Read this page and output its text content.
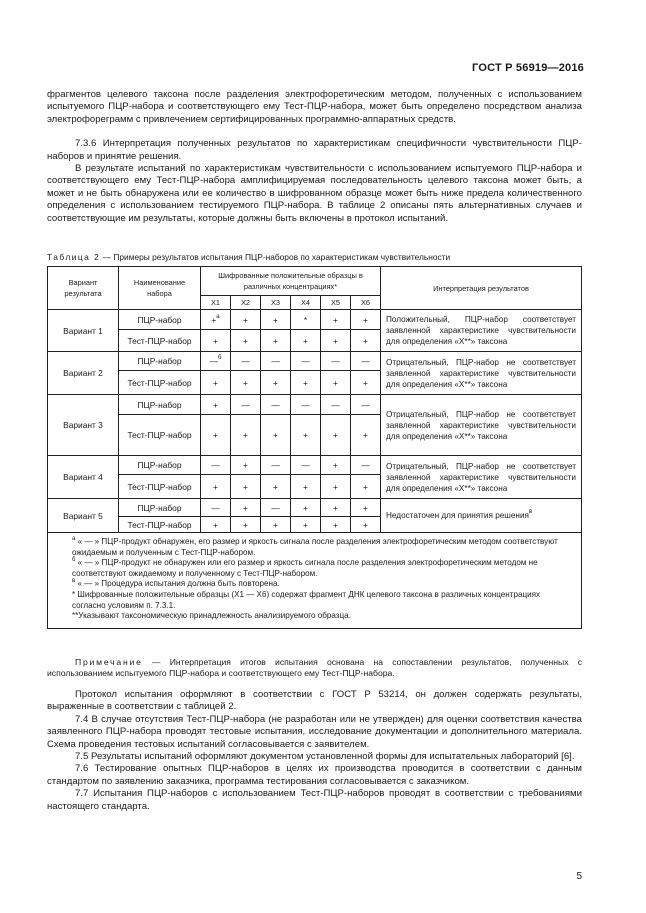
ГОСТ Р 56919—2016

фрагментов целевого таксона после разделения электрофоретическим методом, полученных с использованием испытуемого ПЦР-набора и соответствующего ему Тест-ПЦР-набора, может быть определено посредством анализа электрофореграмм с привлечением сертифицированных программно-аппаратных средств.

7.3.6 Интерпретация полученных результатов по характеристикам специфичности чувствительности ПЦР-наборов и принятие решения.

В результате испытаний по характеристикам чувствительности с использованием испытуемого ПЦР-набора и соответствующего ему Тест-ПЦР-набора амплифицируемая последовательность целевого таксона может быть, а может и не быть обнаружена или ее количество в шифрованном образце может быть ниже предела количественного определения с использованием тестируемого ПЦР-набора. В таблице 2 описаны пять альтернативных случаев и соответствующие им результаты, которые должны быть включены в протокол испытаний.

Таблица 2 — Примеры результатов испытания ПЦР-наборов по характеристикам чувствительности
Вариант результата	Наименование набора	Шифрованные положительные образцы в различных концентрациях*						Интерпретация результатов
		Х1	Х2	Х3	Х4	Х5	Х6	
Вариант 1	ПЦР-набор	+$^а$	+	+	*	+	+	Положительный, ПЦР-набор соответствует заявленной характеристике чувствительности для определения «Х**» таксона
	Тест-ПЦР-набор	+	+	+	+	+	+	
Вариант 2	ПЦР-набор	—$^б$	—	—	—	—	—	Отрицательный, ПЦР-набор не соответствует заявленной характеристике чувствительности для определения «Х**» таксона
	Тест-ПЦР-набор	+	+	+	+	+	+	
Вариант 3	ПЦР-набор	+	—	—	—	—	—	Отрицательный, ПЦР-набор не соответствует заявленной характеристике чувствительности для определения «Х**» таксона
	Тест-ПЦР-набор	+	+	+	+	+	+	
Вариант 4	ПЦР-набор	—	+	—	—	+	—	Отрицательный, ПЦР-набор не соответствует заявленной характеристике чувствительности для определения «Х**» таксона
	Тест-ПЦР-набор	+	+	+	+	+	+	
Вариант 5	ПЦР-набор	—	+	—	+	+	+	Недостаточен для принятия решения$^в$
	Тест-ПЦР-набор	+	+	+	+	+	+	

$^а$ « — » ПЦР-продукт обнаружен, его размер и яркость сигнала после разделения электрофоретическим методом соответствуют ожидаемым и полученным с Тест-ПЦР-набором.

$^б$ « — » ПЦР-продукт не обнаружен или его размер и яркость сигнала после разделения электрофоретическим методом не соответствуют ожидаемому и полученному с Тест-ПЦР-набором.

$^в$ « — » Процедура испытания должна быть повторена.

* Шифрованные положительные образцы (Х1 — Х6) содержат фрагмент ДНК целевого таксона в различных концентрациях согласно условиям п. 7.3.1.

**Указывают таксономическую принадлежность анализируемого образца.								

Примечание — Интерпретация итогов испытания основана на сопоставлении результатов, полученных с использованием испытуемого ПЦР-набора и соответствующего ему Тест-ПЦР-набора.

Протокол испытания оформляют в соответствии с ГОСТ Р 53214, он должен содержать результаты, выраженные в соответствии с таблицей 2.

7.4 В случае отсутствия Тест-ПЦР-набора (не разработан или не утвержден) для оценки соответствия качества заявленного ПЦР-набора проводят тестовые испытания, исследование документации и дополнительного материала. Схема проведения тестовых испытаний согласовывается с заявителем.

7.5 Результаты испытаний оформляют документом установленной формы для испытательных лабораторий [6].

7.6 Тестирование опытных ПЦР-наборов в целях их производства проводится в соответствии с данным стандартом по заявлению заказчика, программа тестирования согласовывается с заказчиком.

7.7 Испытания ПЦР-наборов с использованием Тест-ПЦР-наборов проводят в соответствии с требованиями настоящего стандарта.

5
